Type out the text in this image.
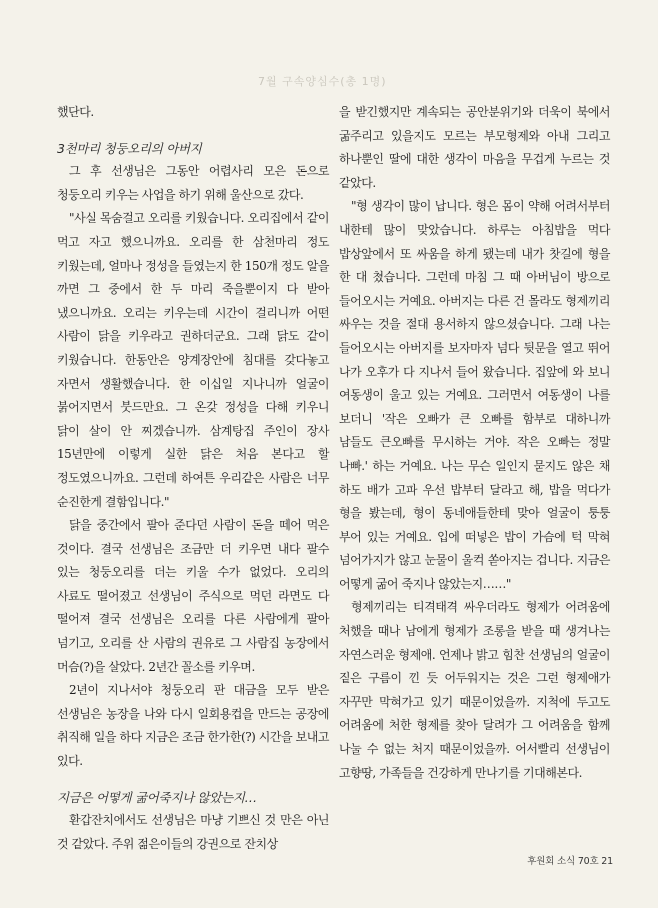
7월 구속양심수(총 1명)

했단다.

3천마리 청둥오리의 아버지

그 후 선생님은 그동안 어렵사리 모은 돈으로 청둥오리 키우는 사업을 하기 위해 울산으로 갔다.

"사실 목숨걸고 오리를 키웠습니다. 오리집에서 같이 먹고 자고 했으니까요. 오리를 한 삼천마리 정도 키웠는데, 얼마나 정성을 들였는지 한 150개 정도 알을 까면 그 중에서 한 두 마리 죽을뿐이지 다 받아 냈으니까요. 오리는 키우는데 시간이 걸리니까 어떤 사람이 닭을 키우라고 권하더군요. 그래 닭도 같이 키웠습니다. 한동안은 양계장안에 침대를 갖다놓고 자면서 생활했습니다. 한 이십일 지나니까 얼굴이 붉어지면서 붓드만요. 그 온갖 정성을 다해 키우니 닭이 살이 안 찌겠습니까. 삼계탕집 주인이 장사 15년만에 이렇게 실한 닭은 처음 본다고 할 정도였으니까요. 그런데 하여튼 우리같은 사람은 너무 순진한게 결함입니다."

닭을 중간에서 팔아 준다던 사람이 돈을 떼어 먹은 것이다. 결국 선생님은 조금만 더 키우면 내다 팔수 있는 청둥오리를 더는 키울 수가 없었다. 오리의 사료도 떨어졌고 선생님이 주식으로 먹던 라면도 다 떨어져 결국 선생님은 오리를 다른 사람에게 팔아 넘기고, 오리를 산 사람의 권유로 그 사람집 농장에서 머슴(?)을 살았다. 2년간 꼴소를 키우며.

2년이 지나서야 청둥오리 판 대금을 모두 받은 선생님은 농장을 나와 다시 일회용컵을 만드는 공장에 취직해 일을 하다 지금은 조금 한가한(?) 시간을 보내고 있다.

지금은 어떻게 굶어죽지나 않았는지…

환갑잔치에서도 선생님은 마냥 기쁘신 것 만은 아닌 것 같았다. 주위 젊은이들의 강권으로 잔치상

을 받긴했지만 계속되는 공안분위기와 더욱이 북에서 굶주리고 있을지도 모르는 부모형제와 아내 그리고 하나뿐인 딸에 대한 생각이 마음을 무겁게 누르는 것 같았다.

"형 생각이 많이 납니다. 형은 몸이 약해 어려서부터 내한테 많이 맞았습니다. 하루는 아침밥을 먹다 밥상앞에서 또 싸움을 하게 됐는데 내가 찻길에 형을 한 대 쳤습니다. 그런데 마침 그 때 아버님이 방으로 들어오시는 거예요. 아버지는 다른 건 몰라도 형제끼리 싸우는 것을 절대 용서하지 않으셨습니다. 그래 나는 들어오시는 아버지를 보자마자 넘다 뒷문을 열고 뛰어 나가 오후가 다 지나서 들어 왔습니다. 집앞에 와 보니 여동생이 울고 있는 거예요. 그러면서 여동생이 나를 보더니 '작은 오빠가 큰 오빠를 함부로 대하니까 남들도 큰오빠를 무시하는 거야. 작은 오빠는 정말 나빠.' 하는 거예요. 나는 무슨 일인지 묻지도 않은 채 하도 배가 고파 우선 밥부터 달라고 해, 밥을 먹다가 형을 봤는데, 형이 동네애들한테 맞아 얼굴이 퉁퉁 부어 있는 거예요. 입에 떠넣은 밥이 가슴에 턱 막혀 넘어가지가 않고 눈물이 울컥 쏟아지는 겁니다. 지금은 어떻게 굶어 죽지나 않았는지……"

형제끼리는 티격태격 싸우더라도 형제가 어려움에 처했을 때나 남에게 형제가 조롱을 받을 때 생겨나는 자연스러운 형제애. 언제나 밝고 힘찬 선생님의 얼굴이 짙은 구름이 낀 듯 어두워지는 것은 그런 형제애가 자꾸만 막혀가고 있기 때문이었을까. 지척에 두고도 어려움에 처한 형제를 찾아 달려가 그 어려움을 함께 나눌 수 없는 처지 때문이었을까. 어서빨리 선생님이 고향땅, 가족들을 건강하게 만나기를 기대해본다.

후원회 소식 70호 21
